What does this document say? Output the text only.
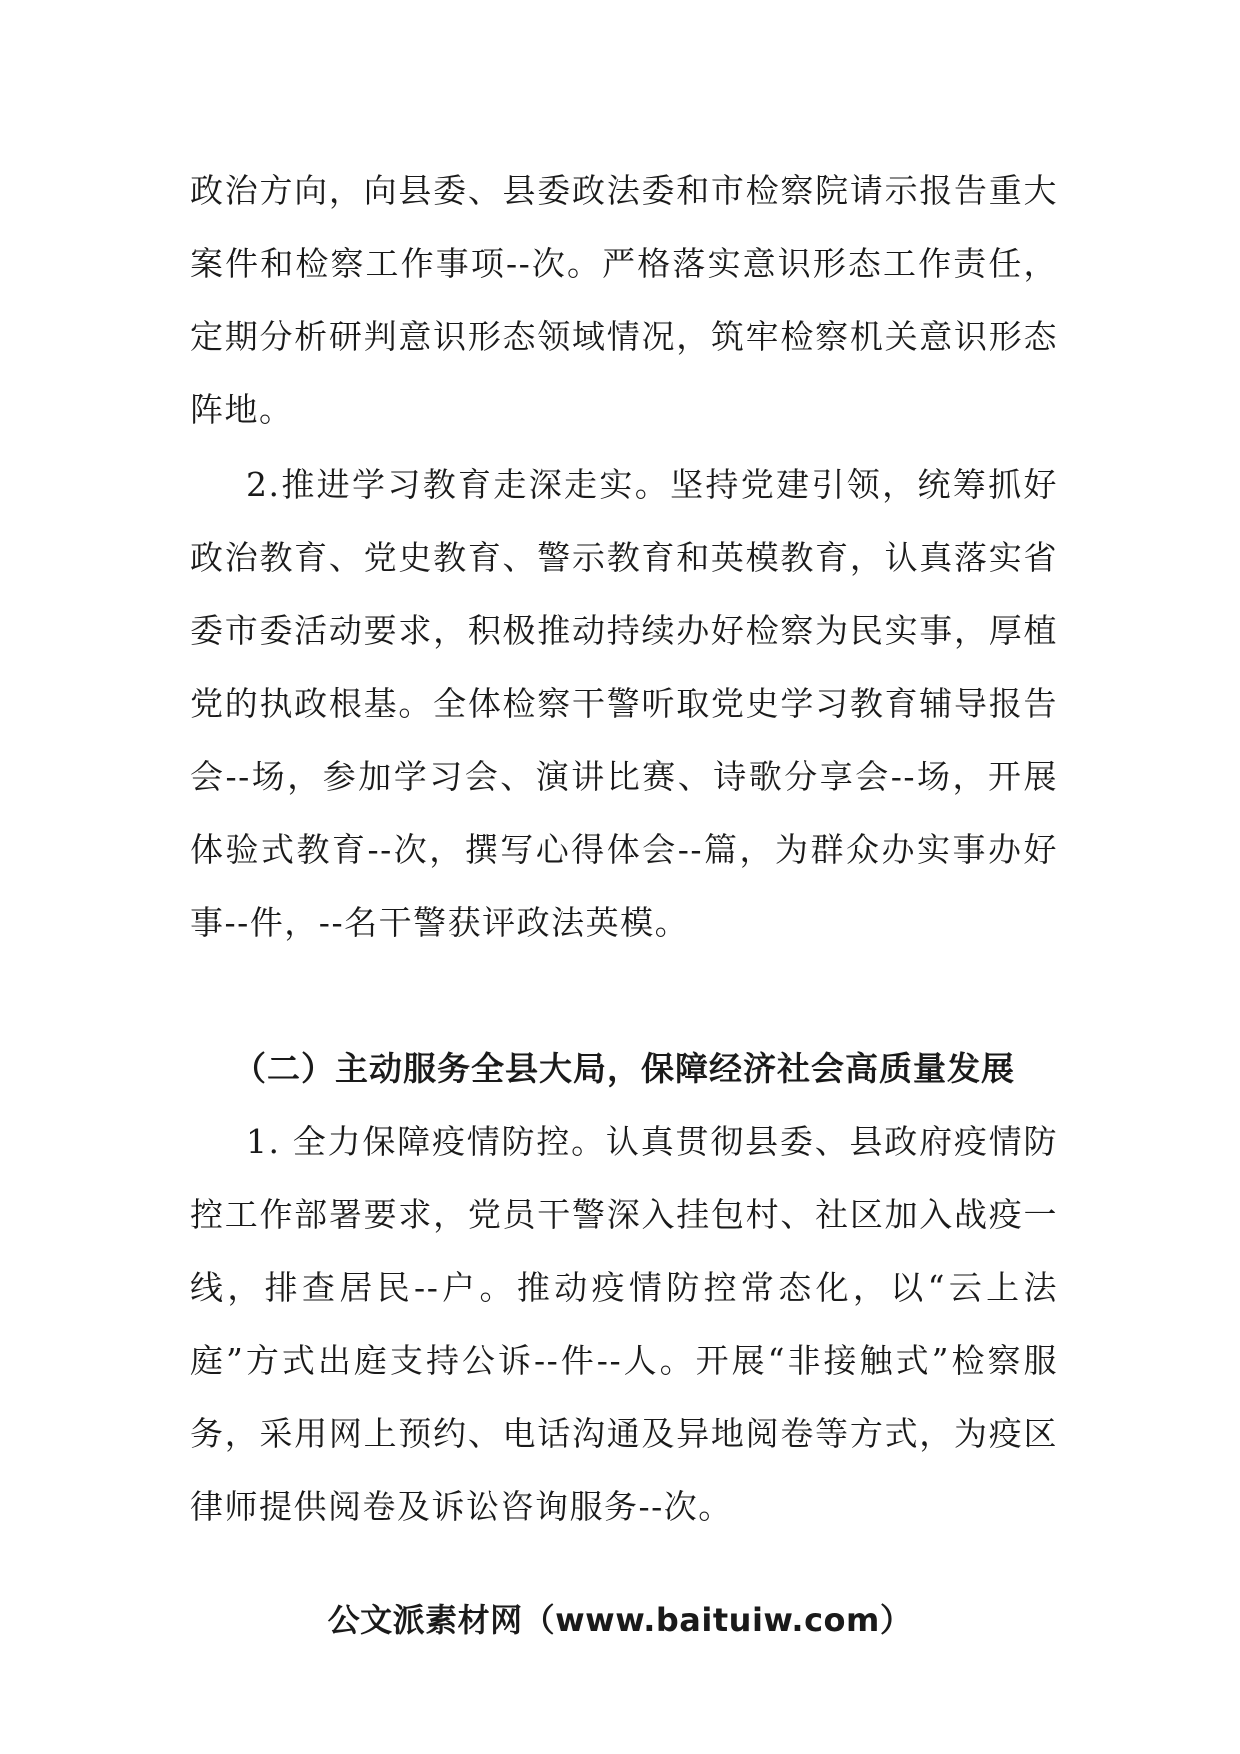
政治方向，向县委、县委政法委和市检察院请示报告重大案件和检察工作事项--次。严格落实意识形态工作责任，定期分析研判意识形态领域情况，筑牢检察机关意识形态阵地。

2.推进学习教育走深走实。坚持党建引领，统筹抓好政治教育、党史教育、警示教育和英模教育，认真落实省委市委活动要求，积极推动持续办好检察为民实事，厚植党的执政根基。全体检察干警听取党史学习教育辅导报告会--场，参加学习会、演讲比赛、诗歌分享会--场，开展体验式教育--次，撰写心得体会--篇，为群众办实事办好事--件，--名干警获评政法英模。

（二）主动服务全县大局，保障经济社会高质量发展

1. 全力保障疫情防控。认真贯彻县委、县政府疫情防控工作部署要求，党员干警深入挂包村、社区加入战疫一线，排查居民--户。推动疫情防控常态化，以“云上法庭”方式出庭支持公诉--件--人。开展“非接触式”检察服务，采用网上预约、电话沟通及异地阅卷等方式，为疫区律师提供阅卷及诉讼咨询服务--次。

公文派素材网（www.baituiw.com）
